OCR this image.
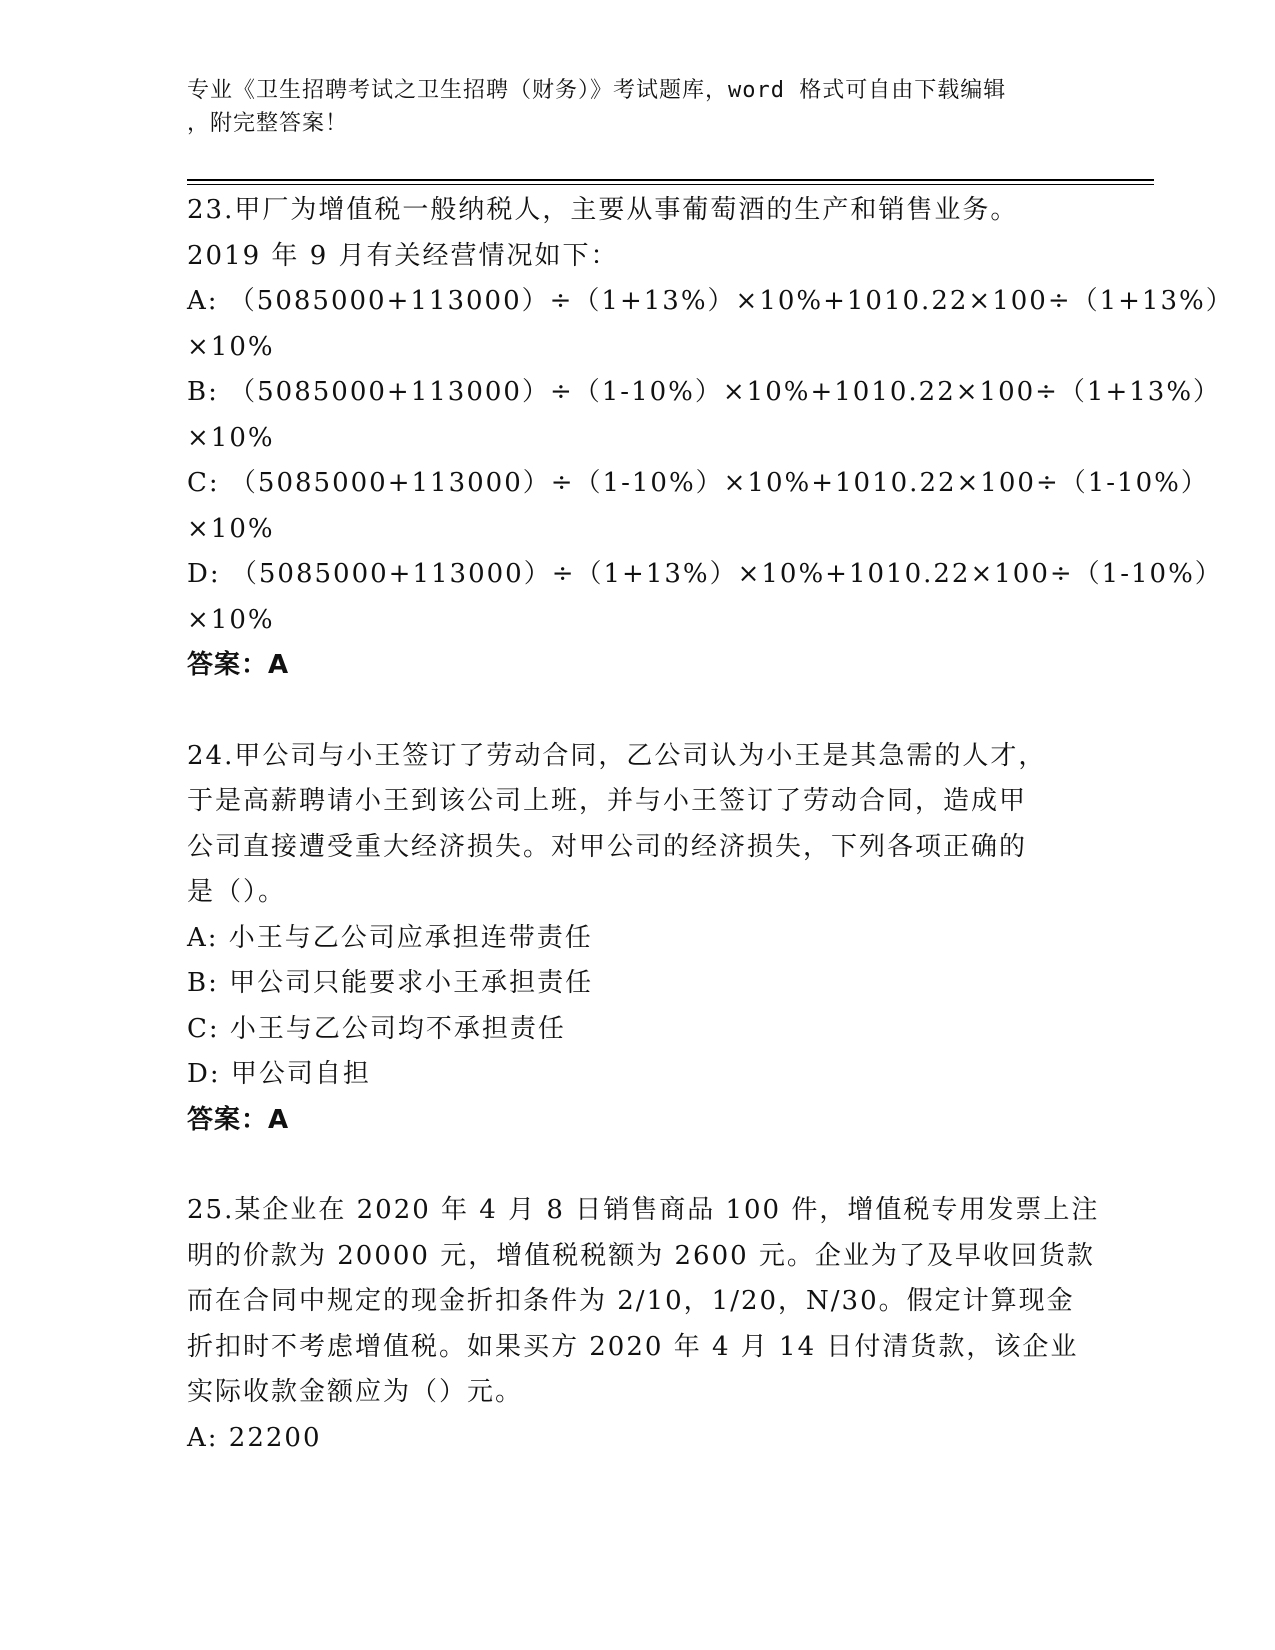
专业《卫生招聘考试之卫生招聘（财务）》考试题库，word 格式可自由下载编辑
，附完整答案！
23.甲厂为增值税一般纳税人，主要从事葡萄酒的生产和销售业务。
2019 年 9 月有关经营情况如下：
A: （5085000+113000）÷（1+13%）×10%+1010.22×100÷（1+13%）
×10%
B: （5085000+113000）÷（1-10%）×10%+1010.22×100÷（1+13%）
×10%
C: （5085000+113000）÷（1-10%）×10%+1010.22×100÷（1-10%）
×10%
D: （5085000+113000）÷（1+13%）×10%+1010.22×100÷（1-10%）
×10%
答案：A
24.甲公司与小王签订了劳动合同，乙公司认为小王是其急需的人才，
于是高薪聘请小王到该公司上班，并与小王签订了劳动合同，造成甲
公司直接遭受重大经济损失。对甲公司的经济损失，下列各项正确的
是（）。
A: 小王与乙公司应承担连带责任
B: 甲公司只能要求小王承担责任
C: 小王与乙公司均不承担责任
D: 甲公司自担
答案：A
25.某企业在 2020 年 4 月 8 日销售商品 100 件，增值税专用发票上注
明的价款为 20000 元，增值税税额为 2600 元。企业为了及早收回货款
而在合同中规定的现金折扣条件为 2/10，1/20，N/30。假定计算现金
折扣时不考虑增值税。如果买方 2020 年 4 月 14 日付清货款，该企业
实际收款金额应为（）元。
A: 22200
